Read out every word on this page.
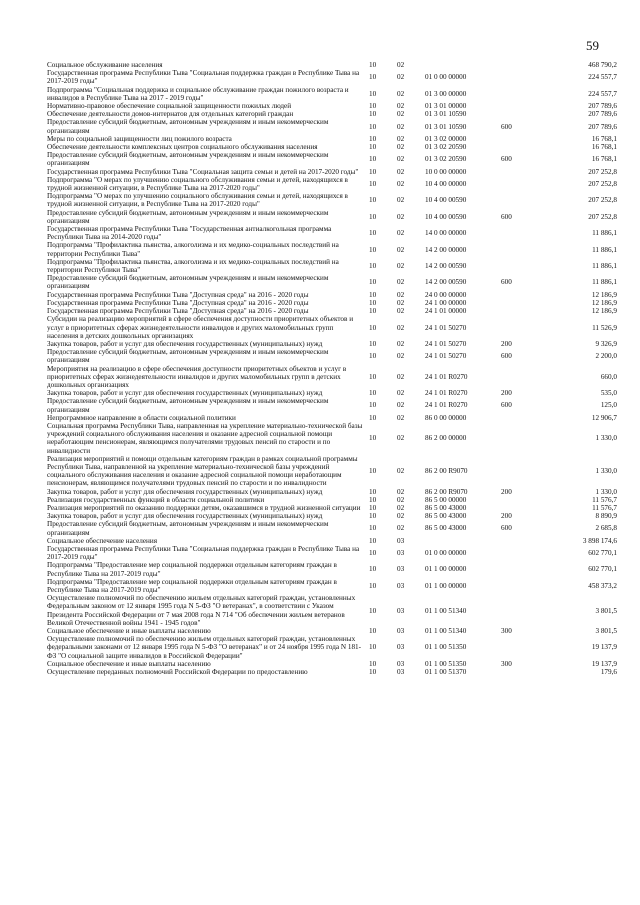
59
Социальное обслуживание населения	10	02			468 790,2
Государственная программа Республики Тыва "Социальная поддержка граждан в Республике Тыва на 2017-2019 годы"	10	02	01 0 00 00000		224 557,7
Подпрограмма "Социальная поддержка и социальное обслуживание граждан пожилого возраста и инвалидов в Республике Тыва на 2017 - 2019 годы"	10	02	01 3 00 00000		224 557,7
Нормативно-правовое обеспечение социальной защищенности пожилых людей	10	02	01 3 01 00000		207 789,6
Обеспечение деятельности домов-интернатов для отдельных категорий граждан	10	02	01 3 01 10590		207 789,6
Предоставление субсидий бюджетным, автономным учреждениям и иным некоммерческим организациям	10	02	01 3 01 10590	600	207 789,6
Меры по социальной защищенности лиц пожилого возраста	10	02	01 3 02 00000		16 768,1
Обеспечение деятельности комплексных центров социального обслуживания населения	10	02	01 3 02 20590		16 768,1
Предоставление субсидий бюджетным, автономным учреждениям и иным некоммерческим организациям	10	02	01 3 02 20590	600	16 768,1
Государственная программа Республики Тыва "Социальная защита семьи и детей на 2017-2020 годы"	10	02	10 0 00 00000		207 252,8
Подпрограмма "О мерах по улучшению социального обслуживания семьи и детей, находящихся в трудной жизненной ситуации, в Республике Тыва на 2017-2020 годы"	10	02	10 4 00 00000		207 252,8
Подпрограмма "О мерах по улучшению социального обслуживания семьи и детей, находящихся в трудной жизненной ситуации, в Республике Тыва на 2017-2020 годы"	10	02	10 4 00 00590		207 252,8
Предоставление субсидий бюджетным, автономным учреждениям и иным некоммерческим организациям	10	02	10 4 00 00590	600	207 252,8
Государственная программа Республики Тыва "Государственная антиалкогольная программа Республики Тыва на 2014-2020 годы"	10	02	14 0 00 00000		11 886,1
Подпрограмма "Профилактика пьянства, алкоголизма и их медико-социальных последствий на территории Республики Тыва"	10	02	14 2 00 00000		11 886,1
Подпрограмма "Профилактика пьянства, алкоголизма и их медико-социальных последствий на территории Республики Тыва"	10	02	14 2 00 00590		11 886,1
Предоставление субсидий бюджетным, автономным учреждениям и иным некоммерческим организациям	10	02	14 2 00 00590	600	11 886,1
Государственная программа Республики Тыва "Доступная среда" на 2016 - 2020 годы	10	02	24 0 00 00000		12 186,9
Государственная программа Республики Тыва "Доступная среда" на 2016 - 2020 годы	10	02	24 1 00 00000		12 186,9
Государственная программа Республики Тыва "Доступная среда" на 2016 - 2020 годы	10	02	24 1 01 00000		12 186,9
Субсидии на реализацию мероприятий в сфере обеспечения доступности приоритетных объектов и услуг в приоритетных сферах жизнедеятельности инвалидов и других маломобильных групп населения в детских дошкольных организациях	10	02	24 1 01 50270		11 526,9
Закупка товаров, работ и услуг для обеспечения государственных (муниципальных) нужд	10	02	24 1 01 50270	200	9 326,9
Предоставление субсидий бюджетным, автономным учреждениям и иным некоммерческим организациям	10	02	24 1 01 50270	600	2 200,0
Мероприятия на реализацию в сфере обеспечения доступности приоритетных объектов и услуг в приоритетных сферах жизнедеятельности инвалидов и других маломобильных групп в детских дошкольных организациях	10	02	24 1 01 R0270		660,0
Закупка товаров, работ и услуг для обеспечения государственных (муниципальных) нужд	10	02	24 1 01 R0270	200	535,0
Предоставление субсидий бюджетным, автономным учреждениям и иным некоммерческим организациям	10	02	24 1 01 R0270	600	125,0
Непрограммное направление в области социальной политики	10	02	86 0 00 00000		12 906,7
Социальная программа Республики Тыва, направленная на укрепление материально-технической базы учреждений социального обслуживания населения и оказание адресной социальной помощи неработающим пенсионерам, являющимся получателями трудовых пенсий по старости и по инвалидности	10	02	86 2 00 00000		1 330,0
Реализация мероприятий и помощи отдельным категориям граждан в рамках социальной программы Республики Тыва, направленной на укрепление материально-технической базы учреждений социального обслуживания населения и оказание адресной социальной помощи неработающим пенсионерам, являющимся получателями трудовых пенсий по старости и по инвалидности	10	02	86 2 00 R9070		1 330,0
Закупка товаров, работ и услуг для обеспечения государственных (муниципальных) нужд	10	02	86 2 00 R9070	200	1 330,0
Реализация государственных функций в области социальной политики	10	02	86 5 00 00000		11 576,7
Реализация мероприятий по оказанию поддержки детям, оказавшимся в трудной жизненной ситуации	10	02	86 5 00 43000		11 576,7
Закупка товаров, работ и услуг для обеспечения государственных (муниципальных) нужд	10	02	86 5 00 43000	200	8 890,9
Предоставление субсидий бюджетным, автономным учреждениям и иным некоммерческим организациям	10	02	86 5 00 43000	600	2 685,8
Социальное обеспечение населения	10	03			3 898 174,6
Государственная программа Республики Тыва "Социальная поддержка граждан в Республике Тыва на 2017-2019 годы"	10	03	01 0 00 00000		602 770,1
Подпрограмма "Предоставление мер социальной поддержки отдельным категориям граждан в Республике Тыва на 2017-2019 годы"	10	03	01 1 00 00000		602 770,1
Подпрограмма "Предоставление мер социальной поддержки отдельным категориям граждан в Республике Тыва на 2017-2019 годы"	10	03	01 1 00 00000		458 373,2
Осуществление полномочий по обеспечению жильем отдельных категорий граждан, установленных Федеральным законом от 12 января 1995 года N 5-ФЗ "О ветеранах", в соответствии с Указом Президента Российской Федерации от 7 мая 2008 года N 714 "Об обеспечении жильем ветеранов Великой Отечественной войны 1941 - 1945 годов"	10	03	01 1 00 51340		3 801,5
Социальное обеспечение и иные выплаты населению	10	03	01 1 00 51340	300	3 801,5
Осуществление полномочий по обеспечению жильем отдельных категорий граждан, установленных федеральными законами от 12 января 1995 года N 5-ФЗ "О ветеранах" и от 24 ноября 1995 года N 181-ФЗ "О социальной защите инвалидов в Российской Федерации"	10	03	01 1 00 51350		19 137,9
Социальное обеспечение и иные выплаты населению	10	03	01 1 00 51350	300	19 137,9
Осуществление переданных полномочий Российской Федерации по предоставлению	10	03	01 1 00 51370		179,6
